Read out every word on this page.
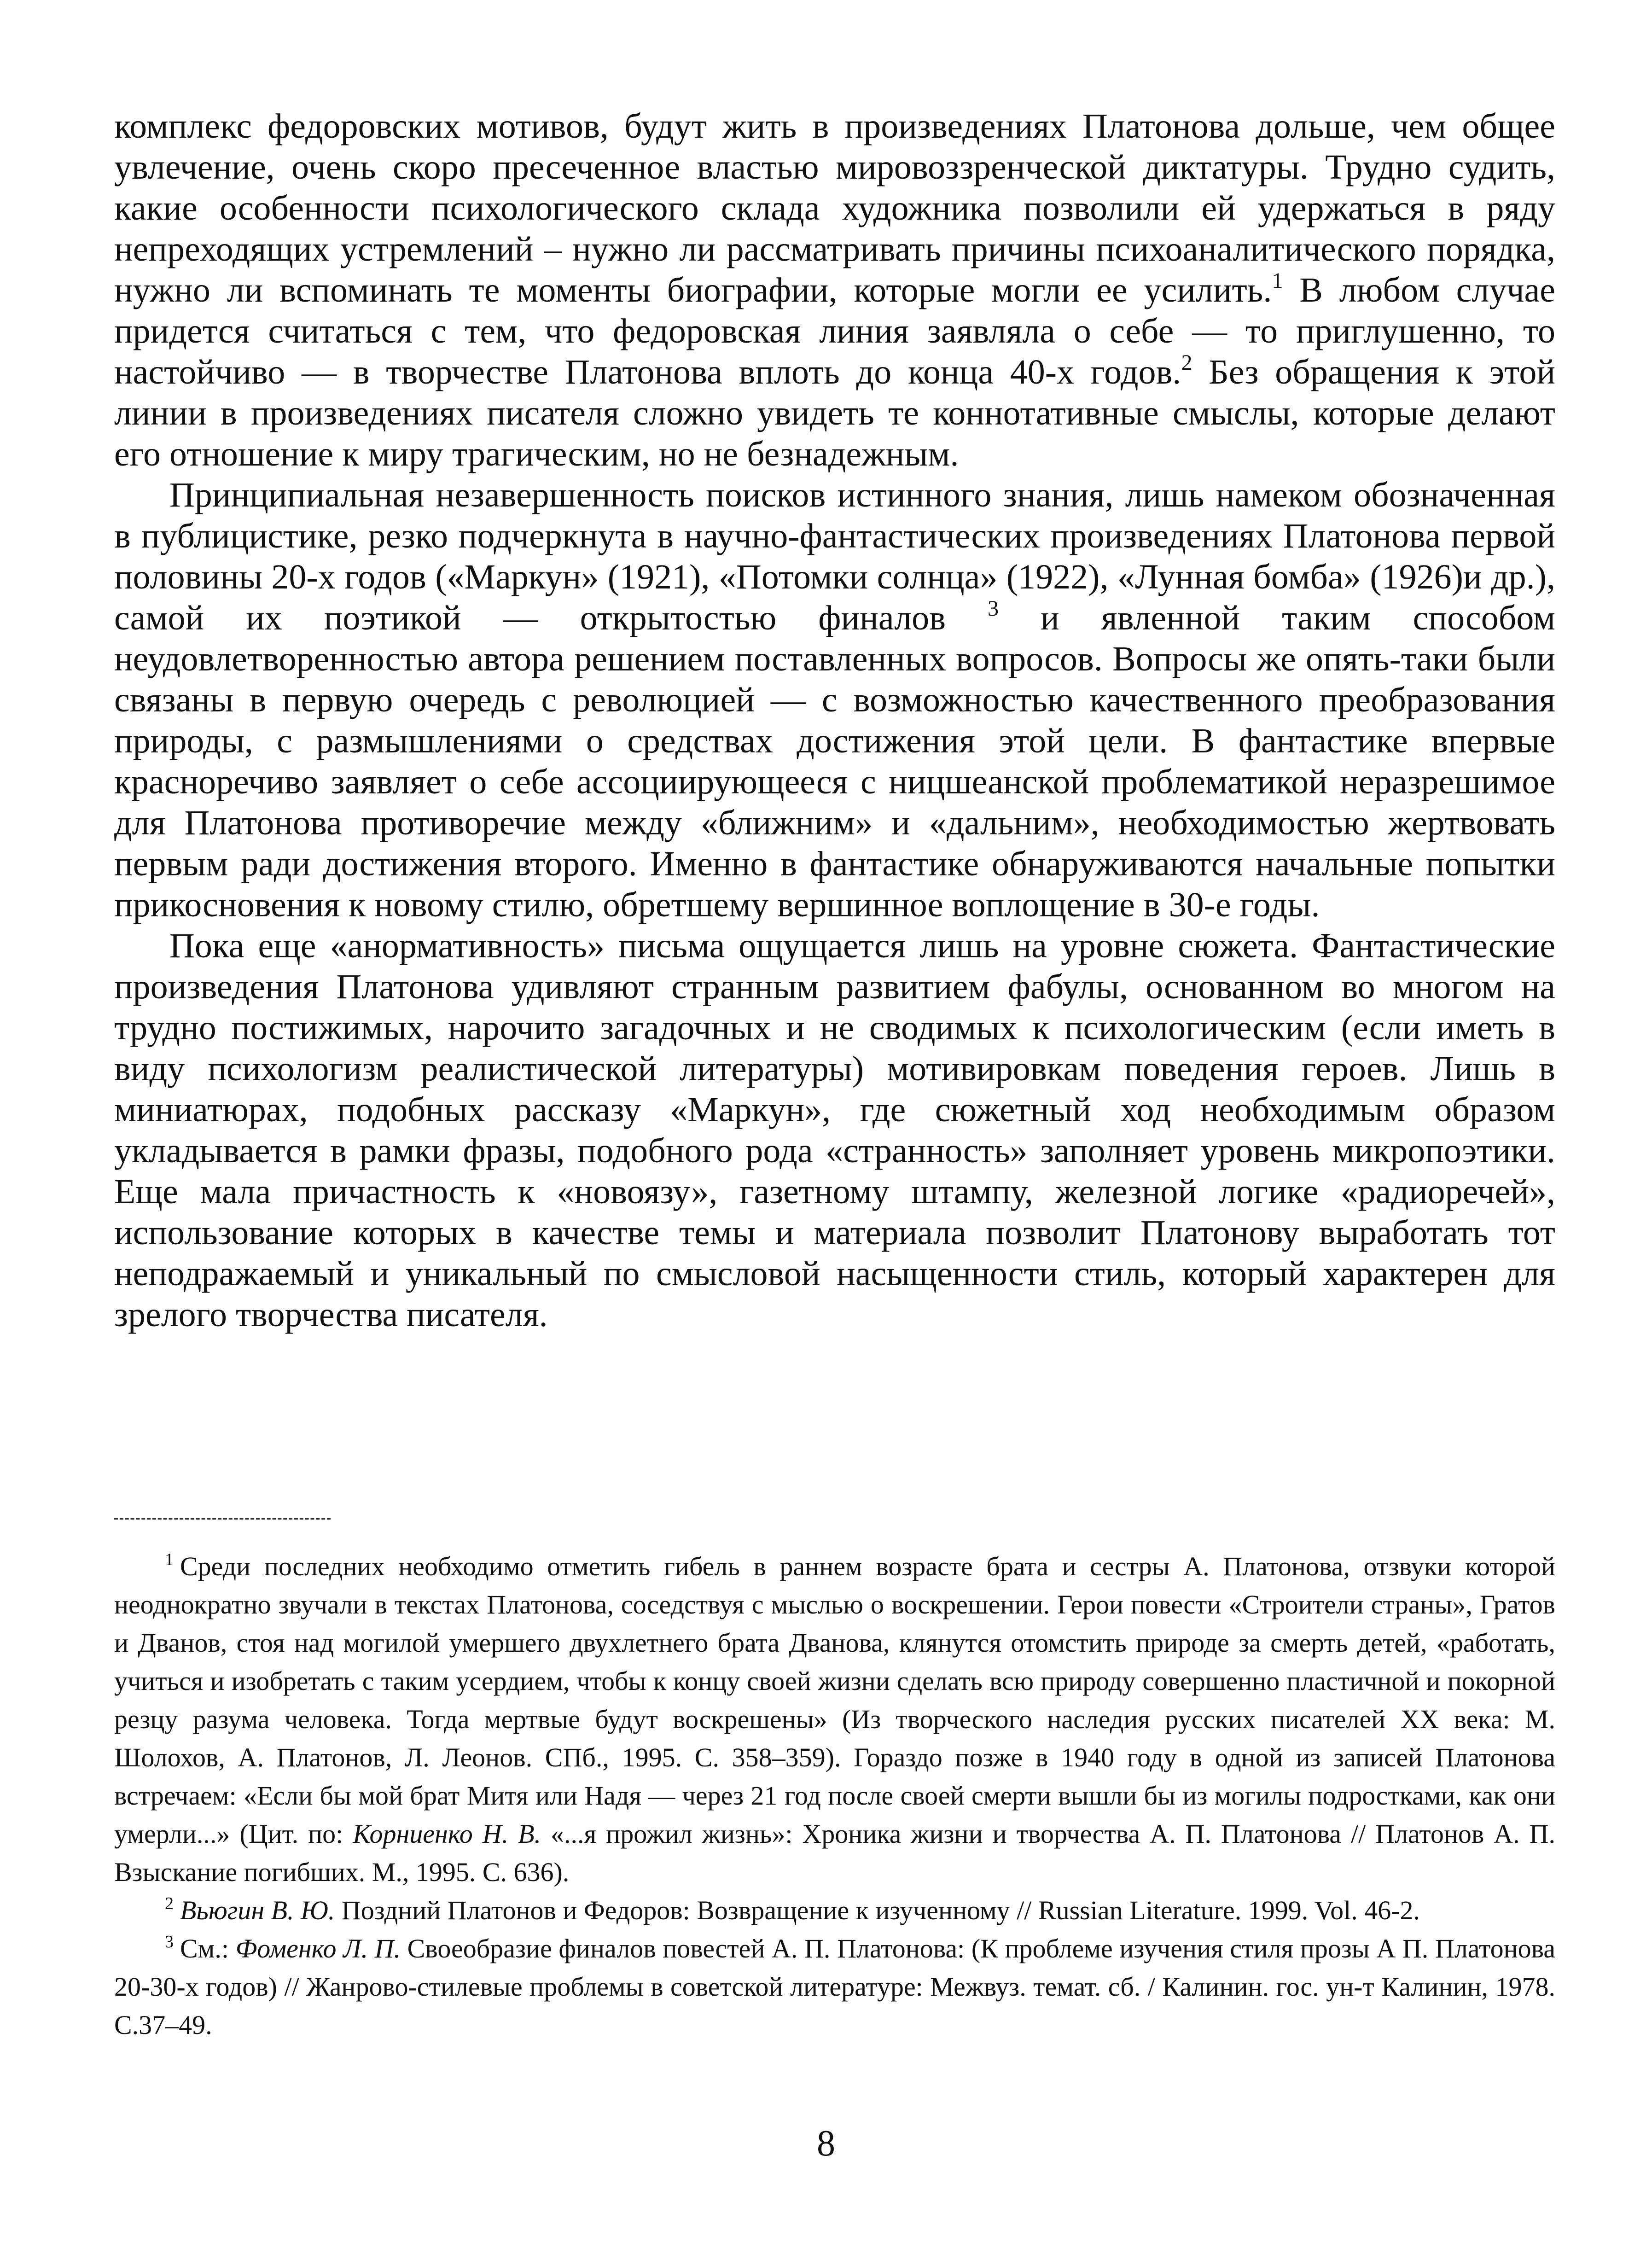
комплекс федоровских мотивов, будут жить в произведениях Платонова дольше, чем общее увлечение, очень скоро пресеченное властью мировоззренческой диктатуры. Трудно судить, какие особенности психологического склада художника позволили ей удержаться в ряду непреходящих устремлений – нужно ли рассматривать причины психоаналитического порядка, нужно ли вспоминать те моменты биографии, которые могли ее усилить.$^1$ В любом случае придется считаться с тем, что федоровская линия заявляла о себе — то приглушенно, то настойчиво — в творчестве Платонова вплоть до конца 40-х годов.$^2$ Без обращения к этой линии в произведениях писателя сложно увидеть те коннотативные смыслы, которые делают его отношение к миру трагическим, но не безнадежным.

Принципиальная незавершенность поисков истинного знания, лишь намеком обозначенная в публицистике, резко подчеркнута в научно-фантастических произведениях Платонова первой половины 20-х годов («Маркун» (1921), «Потомки солнца» (1922), «Лунная бомба» (1926)и др.), самой их поэтикой — открытостью финалов $^3$ и явленной таким способом неудовлетворенностью автора решением поставленных вопросов. Вопросы же опять-таки были связаны в первую очередь с революцией — с возможностью качественного преобразования природы, с размышлениями о средствах достижения этой цели. В фантастике впервые красноречиво заявляет о себе ассоциирующееся с ницшеанской проблематикой неразрешимое для Платонова противоречие между «ближним» и «дальним», необходимостью жертвовать первым ради достижения второго. Именно в фантастике обнаруживаются начальные попытки прикосновения к новому стилю, обретшему вершинное воплощение в 30-е годы.

Пока еще «анормативность» письма ощущается лишь на уровне сюжета. Фантастические произведения Платонова удивляют странным развитием фабулы, основанном во многом на трудно постижимых, нарочито загадочных и не сводимых к психологическим (если иметь в виду психологизм реалистической литературы) мотивировкам поведения героев. Лишь в миниатюрах, подобных рассказу «Маркун», где сюжетный ход необходимым образом укладывается в рамки фразы, подобного рода «странность» заполняет уровень микропоэтики. Еще мала причастность к «новоязу», газетному штампу, железной логике «радиоречей», использование которых в качестве темы и материала позволит Платонову выработать тот неподражаемый и уникальный по смысловой насыщенности стиль, который характерен для зрелого творчества писателя.

$^1$ Среди последних необходимо отметить гибель в раннем возрасте брата и сестры А. Платонова, отзвуки которой неоднократно звучали в текстах Платонова, соседствуя с мыслью о воскрешении. Герои повести «Строители страны», Гратов и Дванов, стоя над могилой умершего двухлетнего брата Дванова, клянутся отомстить природе за смерть детей, «работать, учиться и изобретать с таким усердием, чтобы к концу своей жизни сделать всю природу совершенно пластичной и покорной резцу разума человека. Тогда мертвые будут воскрешены» (Из творческого наследия русских писателей XX века: М. Шолохов, А. Платонов, Л. Леонов. СПб., 1995. С. 358–359). Гораздо позже в 1940 году в одной из записей Платонова встречаем: «Если бы мой брат Митя или Надя — через 21 год после своей смерти вышли бы из могилы подростками, как они умерли...» (Цит. по: Корниенко Н. В. «...я прожил жизнь»: Хроника жизни и творчества А. П. Платонова // Платонов А. П. Взыскание погибших. М., 1995. С. 636).

$^2$ Вьюгин В. Ю. Поздний Платонов и Федоров: Возвращение к изученному // Russian Literature. 1999. Vol. 46-2.

$^3$ См.: Фоменко Л. П. Своеобразие финалов повестей А. П. Платонова: (К проблеме изучения стиля прозы А П. Платонова 20-30-х годов) // Жанрово-стилевые проблемы в советской литературе: Межвуз. темат. сб. / Калинин. гос. ун-т Калинин, 1978. С.37–49.

8
